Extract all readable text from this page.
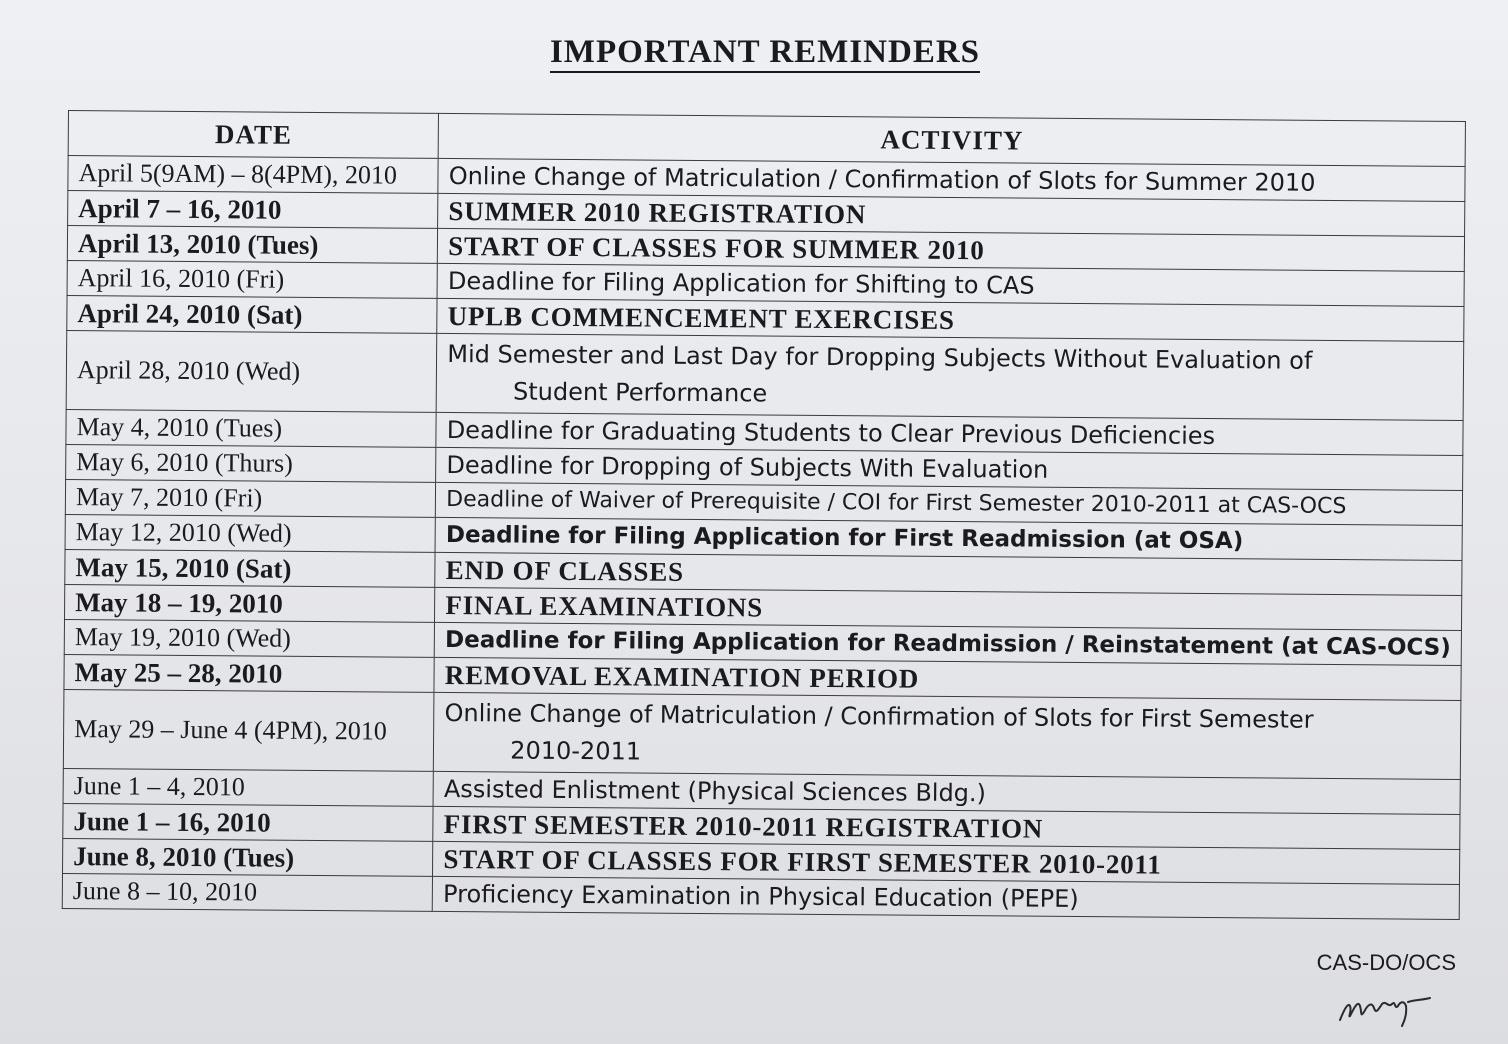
IMPORTANT REMINDERS
DATE	ACTIVITY
April 5(9AM) – 8(4PM), 2010	Online Change of Matriculation / Confirmation of Slots for Summer 2010
April 7 – 16, 2010	SUMMER 2010 REGISTRATION
April 13, 2010 (Tues)	START OF CLASSES FOR SUMMER 2010
April 16, 2010 (Fri)	Deadline for Filing Application for Shifting to CAS
April 24, 2010 (Sat)	UPLB COMMENCEMENT EXERCISES
April 28, 2010 (Wed)	Mid Semester and Last Day for Dropping Subjects Without Evaluation of
Student Performance

May 4, 2010 (Tues)	Deadline for Graduating Students to Clear Previous Deficiencies
May 6, 2010 (Thurs)	Deadline for Dropping of Subjects With Evaluation
May 7, 2010 (Fri)	Deadline of Waiver of Prerequisite / COI for First Semester 2010-2011 at CAS-OCS
May 12, 2010 (Wed)	Deadline for Filing Application for First Readmission (at OSA)
May 15, 2010 (Sat)	END OF CLASSES
May 18 – 19, 2010	FINAL EXAMINATIONS
May 19, 2010 (Wed)	Deadline for Filing Application for Readmission / Reinstatement (at CAS-OCS)
May 25 – 28, 2010	REMOVAL EXAMINATION PERIOD
May 29 – June 4 (4PM), 2010	Online Change of Matriculation / Confirmation of Slots for First Semester
2010-2011

June 1 – 4, 2010	Assisted Enlistment (Physical Sciences Bldg.)
June 1 – 16, 2010	FIRST SEMESTER 2010-2011 REGISTRATION
June 8, 2010 (Tues)	START OF CLASSES FOR FIRST SEMESTER 2010-2011
June 8 – 10, 2010	Proficiency Examination in Physical Education (PEPE)

CAS-DO/OCS
